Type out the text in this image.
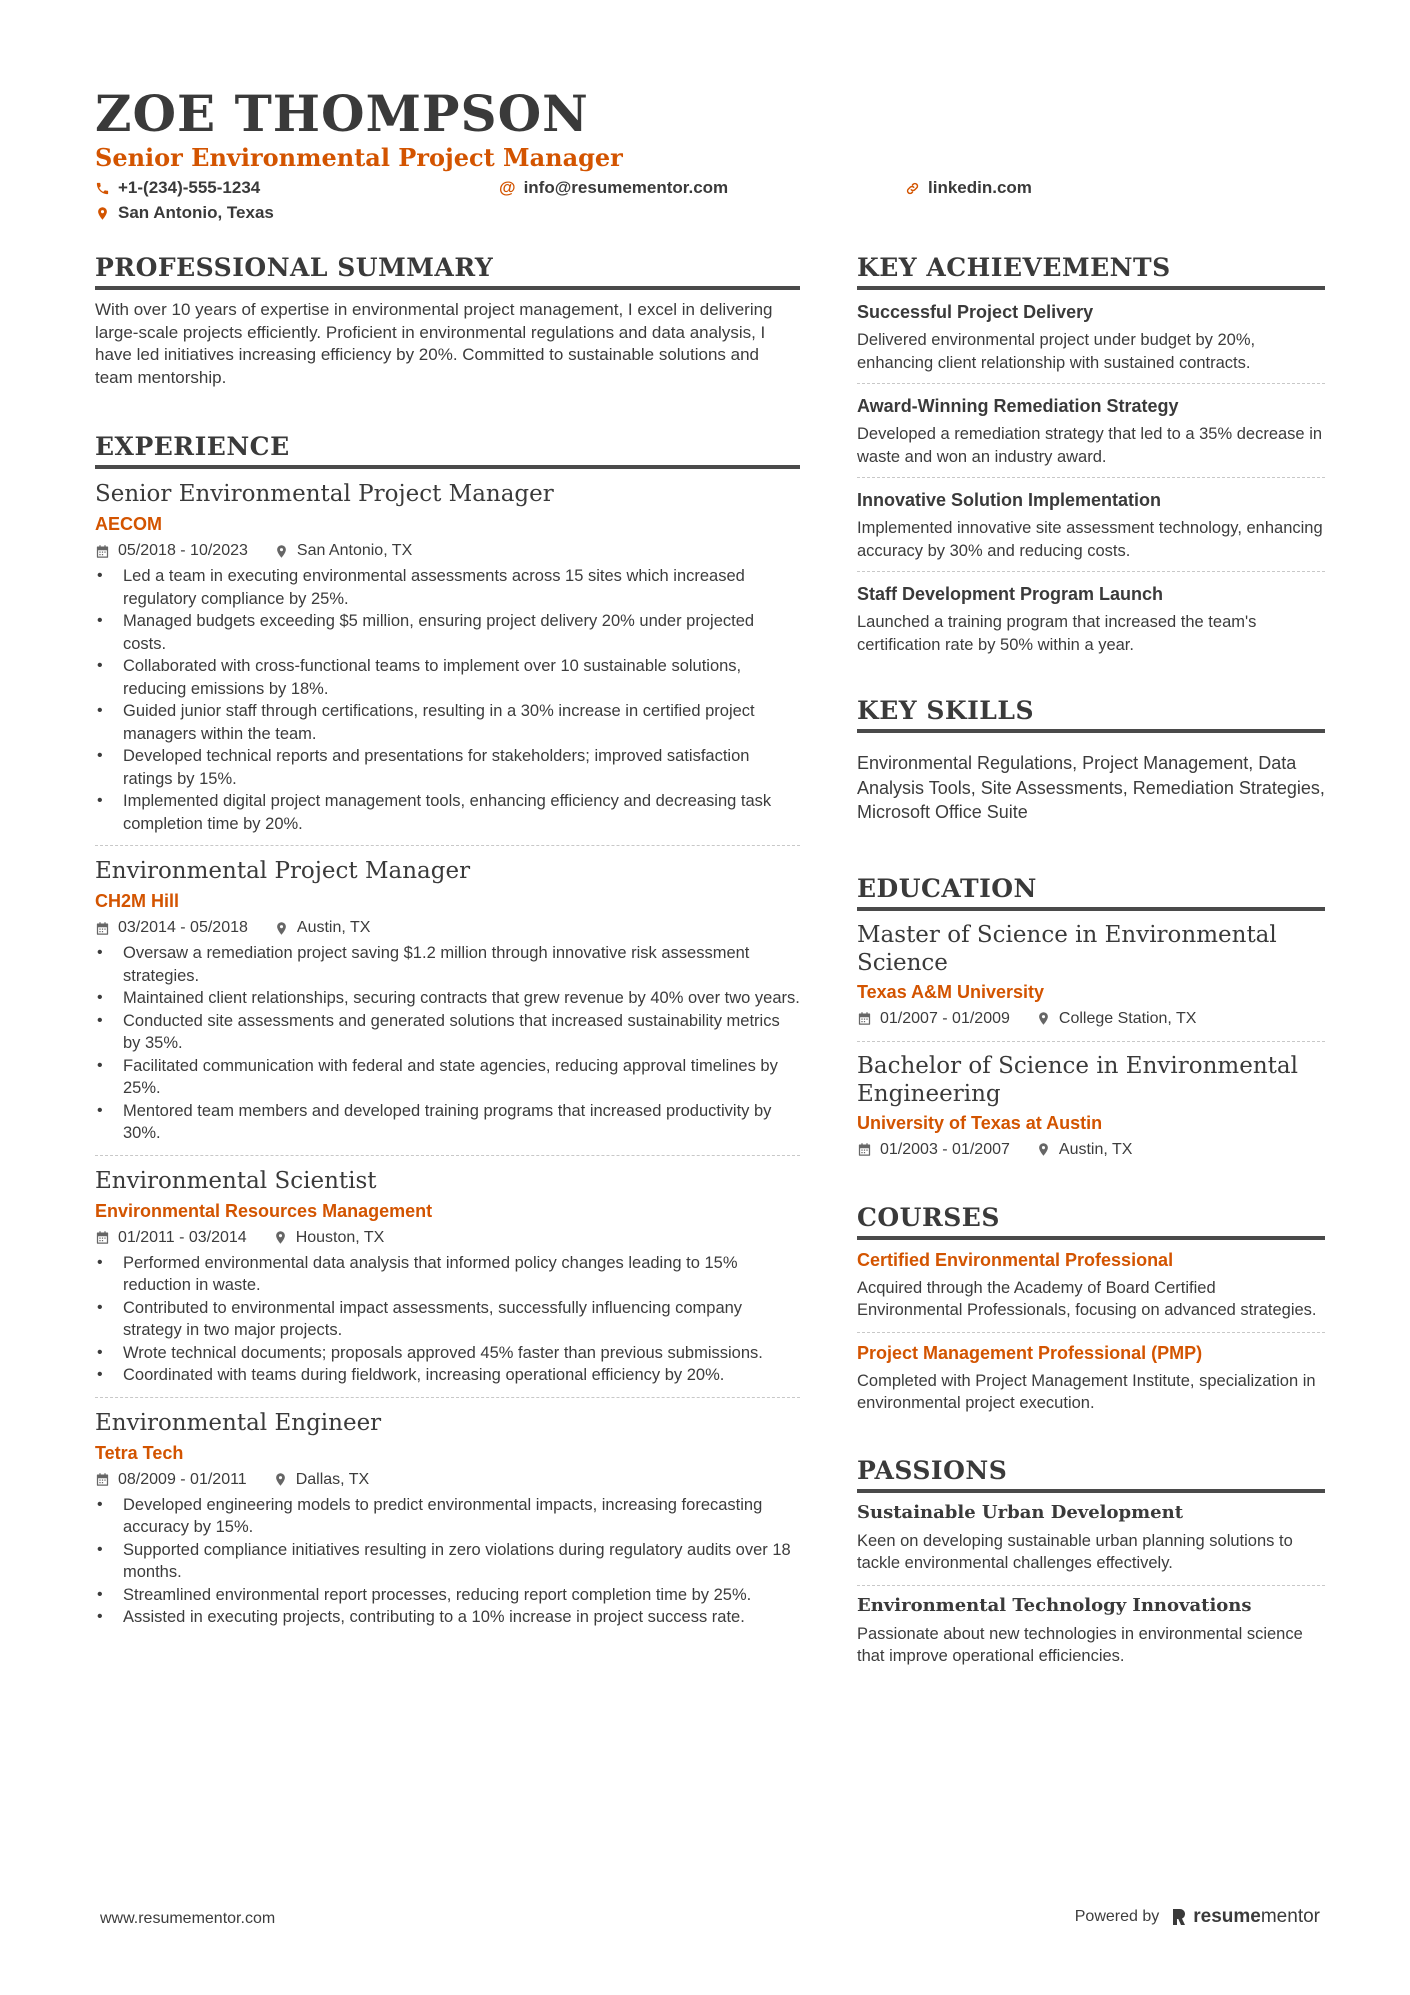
ZOE THOMPSON
Senior Environmental Project Manager
+1-(234)-555-1234	@ info@resumementor.com	linkedin.com
San Antonio, Texas
PROFESSIONAL SUMMARY
With over 10 years of expertise in environmental project management, I excel in delivering large-scale projects efficiently. Proficient in environmental regulations and data analysis, I have led initiatives increasing efficiency by 20%. Committed to sustainable solutions and team mentorship.
EXPERIENCE
Senior Environmental Project Manager
AECOM
05/2018 - 10/2023	San Antonio, TX
• Led a team in executing environmental assessments across 15 sites which increased regulatory compliance by 25%.
• Managed budgets exceeding $5 million, ensuring project delivery 20% under projected costs.
• Collaborated with cross-functional teams to implement over 10 sustainable solutions, reducing emissions by 18%.
• Guided junior staff through certifications, resulting in a 30% increase in certified project managers within the team.
• Developed technical reports and presentations for stakeholders; improved satisfaction ratings by 15%.
• Implemented digital project management tools, enhancing efficiency and decreasing task completion time by 20%.
Environmental Project Manager
CH2M Hill
03/2014 - 05/2018	Austin, TX
• Oversaw a remediation project saving $1.2 million through innovative risk assessment strategies.
• Maintained client relationships, securing contracts that grew revenue by 40% over two years.
• Conducted site assessments and generated solutions that increased sustainability metrics by 35%.
• Facilitated communication with federal and state agencies, reducing approval timelines by 25%.
• Mentored team members and developed training programs that increased productivity by 30%.
Environmental Scientist
Environmental Resources Management
01/2011 - 03/2014	Houston, TX
• Performed environmental data analysis that informed policy changes leading to 15% reduction in waste.
• Contributed to environmental impact assessments, successfully influencing company strategy in two major projects.
• Wrote technical documents; proposals approved 45% faster than previous submissions.
• Coordinated with teams during fieldwork, increasing operational efficiency by 20%.
Environmental Engineer
Tetra Tech
08/2009 - 01/2011	Dallas, TX
• Developed engineering models to predict environmental impacts, increasing forecasting accuracy by 15%.
• Supported compliance initiatives resulting in zero violations during regulatory audits over 18 months.
• Streamlined environmental report processes, reducing report completion time by 25%.
• Assisted in executing projects, contributing to a 10% increase in project success rate.
KEY ACHIEVEMENTS
Successful Project Delivery
Delivered environmental project under budget by 20%, enhancing client relationship with sustained contracts.
Award-Winning Remediation Strategy
Developed a remediation strategy that led to a 35% decrease in waste and won an industry award.
Innovative Solution Implementation
Implemented innovative site assessment technology, enhancing accuracy by 30% and reducing costs.
Staff Development Program Launch
Launched a training program that increased the team's certification rate by 50% within a year.
KEY SKILLS
Environmental Regulations, Project Management, Data Analysis Tools, Site Assessments, Remediation Strategies, Microsoft Office Suite
EDUCATION
Master of Science in Environmental Science
Texas A&M University
01/2007 - 01/2009	College Station, TX
Bachelor of Science in Environmental Engineering
University of Texas at Austin
01/2003 - 01/2007	Austin, TX
COURSES
Certified Environmental Professional
Acquired through the Academy of Board Certified Environmental Professionals, focusing on advanced strategies.
Project Management Professional (PMP)
Completed with Project Management Institute, specialization in environmental project execution.
PASSIONS
Sustainable Urban Development
Keen on developing sustainable urban planning solutions to tackle environmental challenges effectively.
Environmental Technology Innovations
Passionate about new technologies in environmental science that improve operational efficiencies.
www.resumementor.com	Powered by resumementor
